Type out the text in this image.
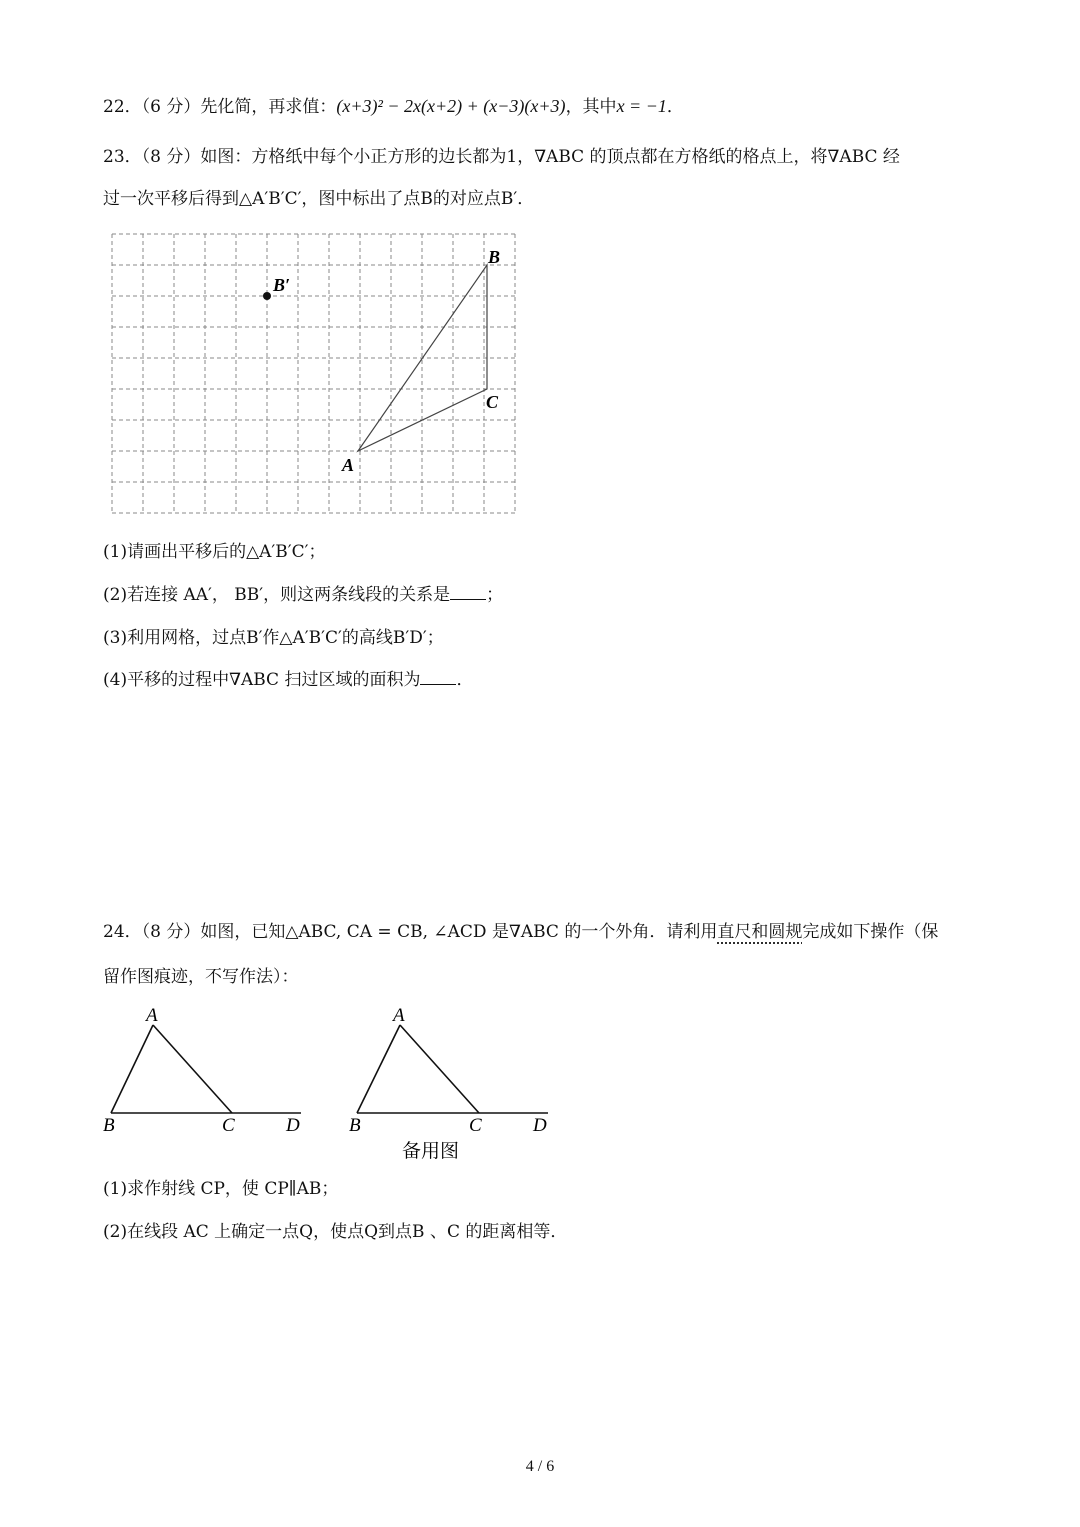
22．（6 分）先化简，再求值：(x+3)² − 2x(x+2) + (x−3)(x+3)，其中x = −1．
23．（8 分）如图：方格纸中每个小正方形的边长都为1，∇ABC 的顶点都在方格纸的格点上，将∇ABC 经
过一次平移后得到△A′B′C′，图中标出了点B的对应点B′．
B
B′
C
A
(1)请画出平移后的△A′B′C′；
(2)若连接 AA′， BB′，则这两条线段的关系是 ；
(3)利用网格，过点B′作△A′B′C′的高线B′D′；
(4)平移的过程中∇ABC 扫过区域的面积为 ．
24．（8 分）如图，已知△ABC, CA = CB, ∠ACD 是∇ABC 的一个外角．请利用直尺和圆规完成如下操作（保
留作图痕迹，不写作法）：
A
B	C	D
A
B	C	D
备用图
(1)求作射线 CP，使 CP∥AB；
(2)在线段 AC 上确定一点Q，使点Q到点B 、C 的距离相等．
4 / 6
